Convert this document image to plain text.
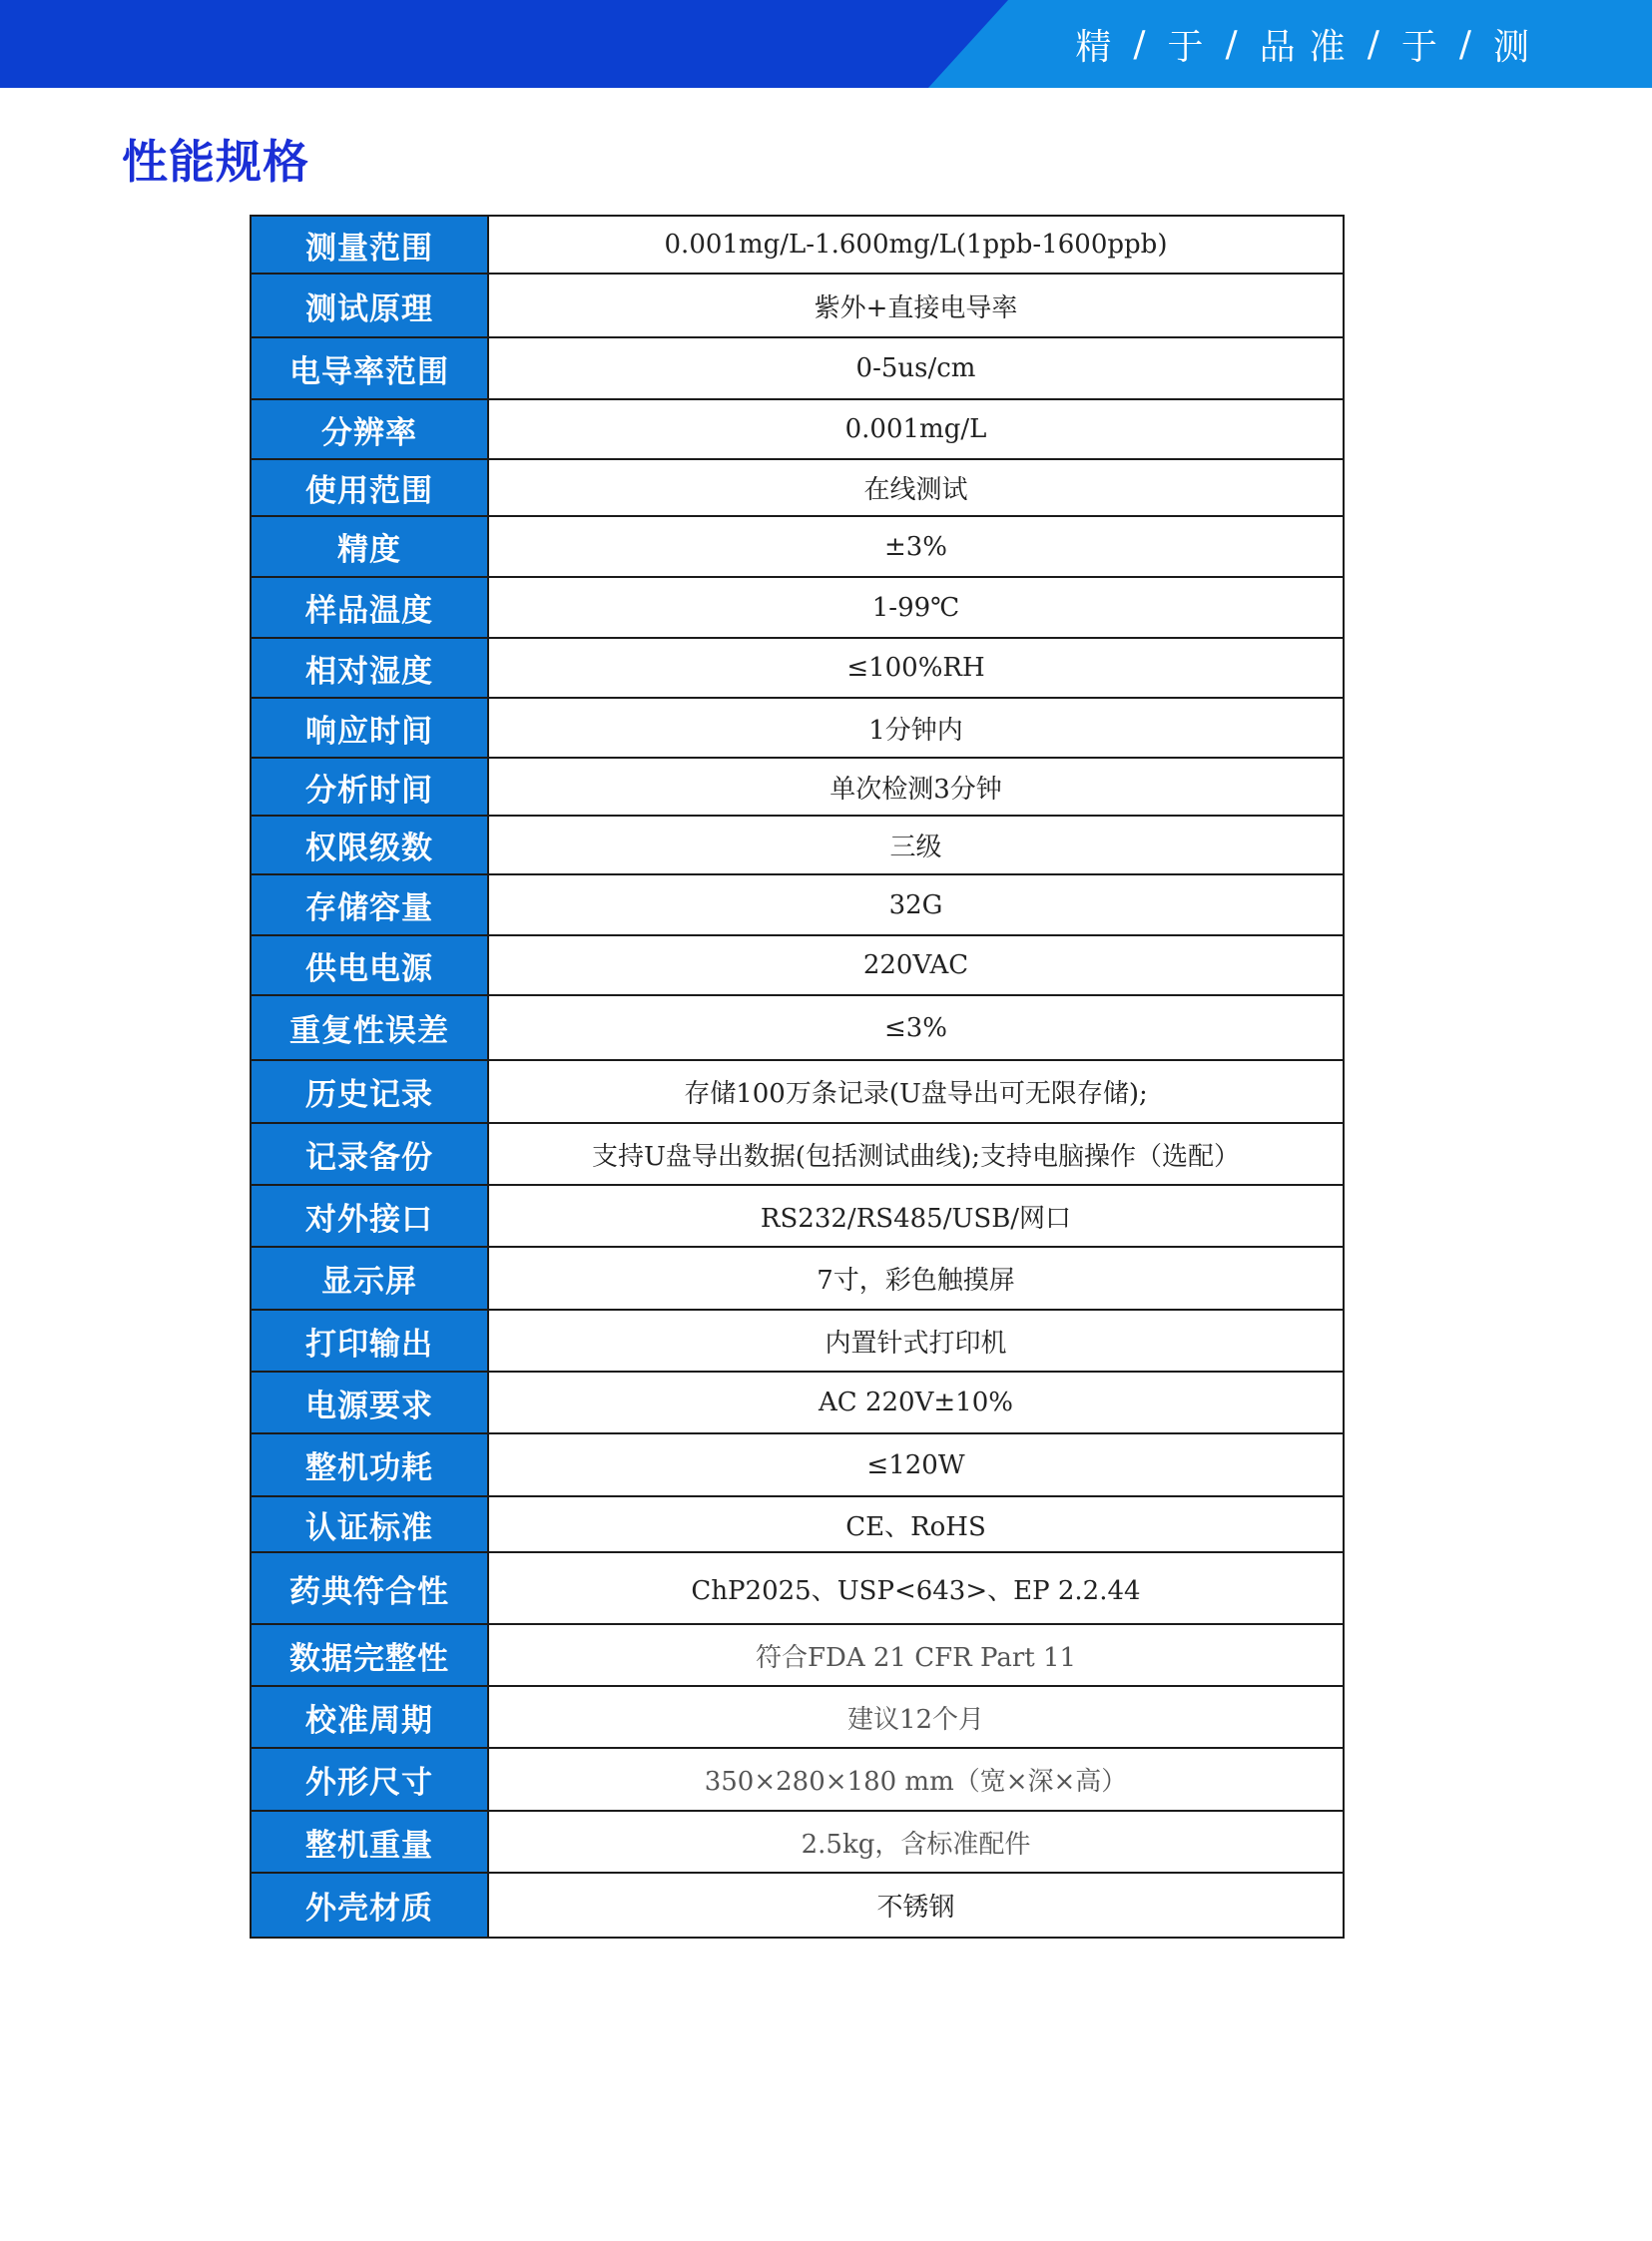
精 / 于 / 品 准 / 于 / 测
性能规格
测量范围	0.001mg/L-1.600mg/L(1ppb-1600ppb)
测试原理	紫外+直接电导率
电导率范围	0-5us/cm
分辨率	0.001mg/L
使用范围	在线测试
精度	±3%
样品温度	1-99℃
相对湿度	≤100%RH
响应时间	1分钟内
分析时间	单次检测3分钟
权限级数	三级
存储容量	32G
供电电源	220VAC
重复性误差	≤3%
历史记录	存储100万条记录(U盘导出可无限存储);
记录备份	支持U盘导出数据(包括测试曲线);支持电脑操作（选配）
对外接口	RS232/RS485/USB/网口
显示屏	7寸，彩色触摸屏
打印输出	内置针式打印机
电源要求	AC 220V±10%
整机功耗	≤120W
认证标准	CE、RoHS
药典符合性	ChP2025、USP<643>、EP 2.2.44
数据完整性	符合FDA 21 CFR Part 11
校准周期	建议12个月
外形尺寸	350×280×180 mm（宽×深×高）
整机重量	2.5kg，含标准配件
外壳材质	不锈钢
